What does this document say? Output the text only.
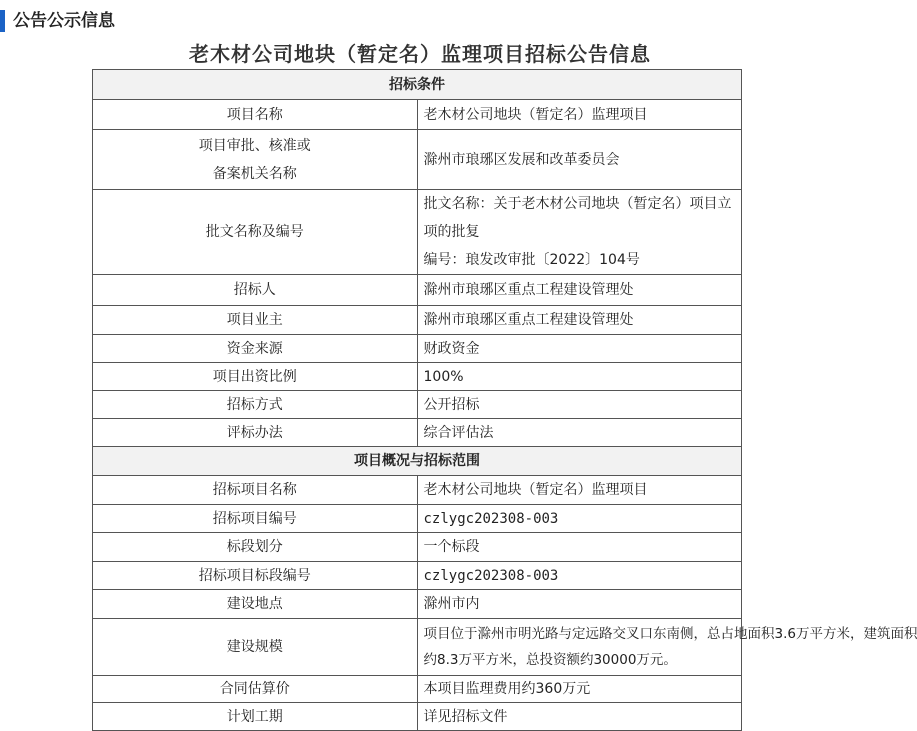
公告公示信息
老木材公司地块（暂定名）监理项目招标公告信息
招标条件	
项目名称	老木材公司地块（暂定名）监理项目

项目审批、核准或
备案机关名称	滁州市琅琊区发展和改革委员会
批文名称及编号	批文名称：关于老木材公司地块（暂定名）项目立项的批复
编号：琅发改审批〔2022〕104号

招标人	滁州市琅琊区重点工程建设管理处
项目业主	滁州市琅琊区重点工程建设管理处
资金来源	财政资金
项目出资比例	100%
招标方式	公开招标
评标办法	综合评估法
项目概况与招标范围	
招标项目名称	老木材公司地块（暂定名）监理项目
招标项目编号	czlygc202308-003
标段划分	一个标段
招标项目标段编号	czlygc202308-003
建设地点	滁州市内
建设规模	项目位于滁州市明光路与定远路交叉口东南侧，总占地面积3.6万平方米，建筑面积
约8.3万平方米，总投资额约30000万元。

合同估算价	本项目监理费用约360万元
计划工期	详见招标文件
